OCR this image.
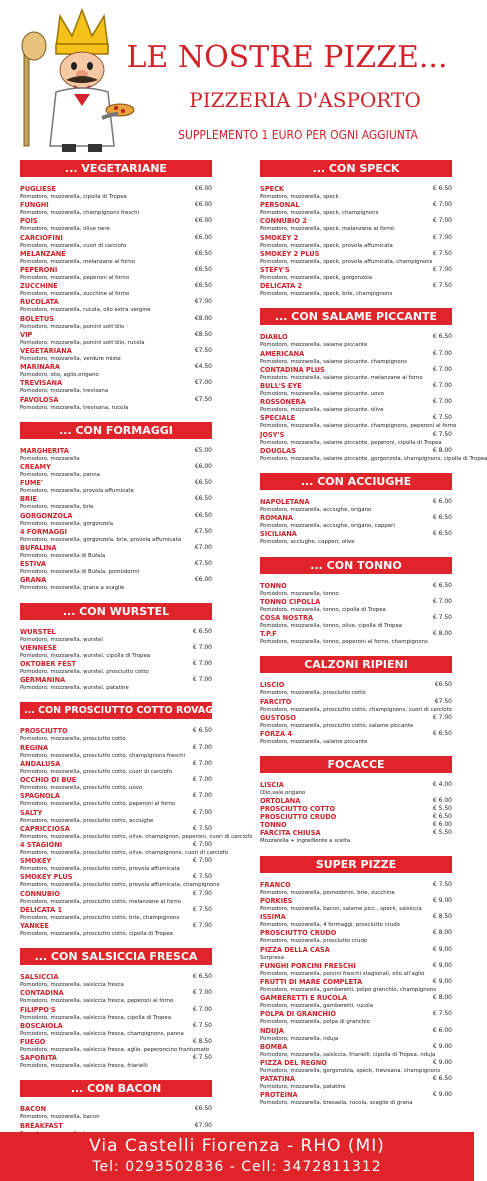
LE NOSTRE PIZZE...
PIZZERIA D'ASPORTO
SUPPLEMENTO 1 EURO PER OGNI AGGIUNTA
... VEGETARIANE
PUGLIESE	€6.00
Pomodoro, mozzarella, cipolla di Tropea
FUNGHI	€6.00
Pomodoro, mozzarella, champignons freschi
POIS	€6.00
Pomodoro, mozzarella, olive nere
CARCIOFINI	€6.00
Pomodoro, mozzarella, cuori di carciofo
MELANZANE	€6.50
Pomodoro, mozzarella, melanzane al forno
PEPERONI	€6.50
Pomodoro, mozzarella, peperoni al forno
ZUCCHINE	€6.50
Pomodoro, mozzarella, zucchine al forno
RUCOLATA	€7.00
Pomodoro, mozzarella, rucola, olio extra vergine
BOLETUS	€8.00
Pomodoro, mozzarella, porcini sott'olio
VIP	€8.50
Pomodoro, mozzarella, porcini sott'olio, rucola
VEGETARIANA	€7.50
Pomodoro, mozzarella, verdure miste
MARINARA	€4.50
Pomodoro, olio, aglio,origano
TREVISANA	€7.00
Pomodoro, mozzarella, trevisana
FAVOLOSA	€7.50
Pomodoro, mozzarella, trevisana, rucola
... CON FORMAGGI
MARGHERITA	€5.00
Pomodoro, mozzarella
CREAMY	€6.00
Pomodoro, mozzarella, panna
FUME'	€6.50
Pomodoro, mozzarella, provola affumicata
BRIE	€6.50
Pomodoro, mozzarella, brie
GORGONZOLA	€6.50
Pomodoro, mozzarella, gorgonzola
4 FORMAGGI	€7.50
Pomodoro, mozzarella, gorgonzola, brie, provola affumicata
BUFALINA	€7.00
Pomodoro, mozzarella di Bufala
ESTIVA	€7.50
Pomodoro, mozzarella di Bufala, pomodorini
GRANA	€6.00
Pomodoro, mozzarella, grana a scaglie
... CON WURSTEL
WURSTEL	€ 6.50
Pomodoro, mozzarella, wurstel
VIENNESE	€ 7.00
Pomodoro, mozzarella, wurstel, cipolla di Tropea
OKTOBER FEST	€ 7.00
Pomodoro, mozzarella, wurstel, prosciutto cotto
GERMANINA	€ 7.00
Pomodoro, mozzarella, wurstel, patatine
... CON PROSCIUTTO COTTO ROVAGNATI
PROSCIUTTO	€ 6.50
Pomodoro, mozzarella, prosciutto cotto
REGINA	€ 7.00
Pomodoro, mozzarella, prosciutto cotto, champignons freschi
ANDALUSA	€ 7.00
Pomodoro, mozzarella, prosciutto cotto, cuori di carciofo
OCCHIO DI BUE	€ 7.00
Pomodoro, mozzarella, prosciutto cotto, uovo
SPAGNOLA	€ 7.00
Pomodoro, mozzarella, prosciutto cotto, peperoni al forno
SALTY	€ 7.00
Pomodoro, mozzarella, prosciutto cotto, acciughe
CAPRICCIOSA	€ 7.50
Pomodoro, mozzarella, prosciutto cotto, olive, champignon, peperoni, cuori di carciofo
4 STAGIONI	€ 7.00
Pomodoro, mozzarella, prosciutto cotto, olive, champignons, cuori di carciofo
SMOKEY	€ 7.00
Pomodoro, mozzarella, prosciutto cotto, provola affumicata
SMOKEY PLUS	€ 7.50
Pomodoro, mozzarella, prosciutto cotto, provola affumicata, champignons
CONNUBIO	€ 7.00
Pomodoro, mozzarella, prosciutto cotto, melanzane al forno
DELICATA 1	€ 7.50
Pomodoro, mozzarella, prosciutto cotto, brie, champignons
YANKEE	€ 7.00
Pomodoro, mozzarella, prosciutto cotto, cipolla di Tropea
... CON SALSICCIA FRESCA
SALSICCIA	€ 6.50
Pomodoro, mozzarella, salsiccia fresca
CONTADINA	€ 7.00
Pomodoro, mozzarella, salsiccia fresca, peperoni al forno
FILIPPO'S	€ 7.00
Pomodoro, mozzarella, salsiccia fresca, cipolla di Tropea
BOSCAIOLA	€ 7.50
Pomodoro, mozzarella, salsiccia fresca, champignons, panna
FUEGO	€ 8.50
Pomodoro, mozzarella, salsiccia fresca, aglio, peperoncino frantumato
SAPORITA	€ 7.50
Pomodoro, mozzarella, salsiccia fresca, friarielli
... CON BACON
BACON	€6.50
Pomodoro, mozzarella, bacon
BREAKFAST	€7.00
... CON SPECK
SPECK	€ 6.50
Pomodoro, mozzarella, speck
PERSONAL	€ 7.00
Pomodoro, mozzarella, speck, champignons
CONNUBIO 2	€ 7.00
Pomodoro, mozzarella, speck, melanzane al forno
SMOKEY 2	€ 7.00
Pomodoro, mozzarella, speck, provola affumicata
SMOKEY 2 PLUS	€ 7.50
Pomodoro, mozzarella, speck, provola affumicata, champignons
STEFY'S	€ 7.00
Pomodoro, mozzarella, speck, gorgonzola
DELICATA 2	€ 7.50
Pomodoro, mozzarella, speck, brie, champignons
... CON SALAME PICCANTE
DIABLO	€ 6.50
Pomodoro, mozzarella, salame piccante
AMERICANA	€ 7.00
Pomodoro, mozzarella, salame piccante, champignons
CONTADINA PLUS	€ 7.00
Pomodoro, mozzarella, salame piccante, melanzane al forno
BULL'S EYE	€ 7.00
Pomodoro, mozzarella, salame piccante, uovo
ROSSONERA	€ 7.00
Pomodoro, mozzarella, salame piccante, olive
SPECIALE	€ 7.50
Pomodoro, mozzarella, salame piccante, champignons, peperoni al forno
JOSY'S	€ 7.50
Pomodoro, mozzarella, salame piccante, peperoni, cipolla di Tropea
DOUGLAS	€ 8.00
Pomodoro, mozzarella, salame piccante, gorgonzola, champignons, cipolla di Tropea
... CON ACCIUGHE
NAPOLETANA	€ 6.00
Pomodoro, mozzarella, acciughe, origano
ROMANA	€ 6.50
Pomodoro, mozzarella, acciughe, origano, capperi
SICILIANA	€ 6.50
Pomodoro, acciughe, capperi, olive
... CON TONNO
TONNO	€ 6.50
Pomodoro, mozzarella, tonno
TONNO CIPOLLA	€ 7.00
Pomodoro, mozzarella, tonno, cipolla di Tropea
COSA NOSTRA	€ 7.50
Pomodoro, mozzarella, tonno, olive, cipolla di Tropea
T.P.F	€ 8.00
Pomodoro, mozzarella, tonno, peperoni al forno, champignons
CALZONI RIPIENI
LISCIO	€6.50
Pomodoro, mozzarella, prosciutto cotto
FARCITO	€7.50
Pomodoro, mozzarella, prosciutto cotto, champignons, cuori di carciofo
GUSTOSO	€ 7.00
Pomodoro, mozzarella, prosciutto cotto, salame piccante
FORZA 4	€ 6.50
Pomodoro, mozzarella, salame piccante
FOCACCE
LISCIA	€ 4.00
Olio,sale,origano
ORTOLANA	€ 6.00
PROSCIUTTO COTTO	€ 5.50
PROSCIUTTO CRUDO	€ 6.50
TONNO	€ 6.00
FARCITA CHIUSA	€ 5.50
Mozzarella + ingrediente a scelta
SUPER PIZZE
FRANCO	€ 7.50
Pomodoro, mozzarella, pomodorini, brie, zucchine
PORKIES	€ 9.00
Pomodoro, mozzarella, bacon, salame picc., speck, salsiccia
ISSIMA	€ 8.50
Pomodoro, mozzarella, 4 formaggi, prosciutto crudo
PROSCIUTTO CRUDO	€ 8.00
Pomodoro, mozzarella, prosciutto crudo
PIZZA DELLA CASA	€ 9.00
Sorpresa
FUNGHI PORCINI FRESCHI	€ 9.00
Pomodoro, mozzarella, porcini freschi stagionali, olio all'aglio
FRUTTI DI MARE COMPLETA	€ 9.00
Pomodoro, mozzarella, gamberetti, polpo granchio, champignons
GAMBERETTI E RUCOLA	€ 8.00
Pomodoro, mozzarella, gamberetti, rucola
POLPA DI GRANCHIO	€ 7.50
Pomodoro, mozzarella, polpa di granchio
NDUJA	€ 6.00
Pomodoro, mozzarella, nduja
BOMBA	€ 9.00
Pomodoro, mozzarella, salsiccia, friarielli, cipolla di Tropea, nduja
PIZZA DEL REGNO	€ 9.00
Pomodoro, mozzarella, gorgonzola, speck, trevisana, champignons
PATATINA	€ 6.50
Pomodoro, mozzarella, patatine
PROTEINA	€ 9.00
Pomodoro, mozzarella, bresaola, rucola, scaglie di grana
Via Castelli Fiorenza - RHO (MI)
Tel: 0293502836 - Cell: 3472811312
